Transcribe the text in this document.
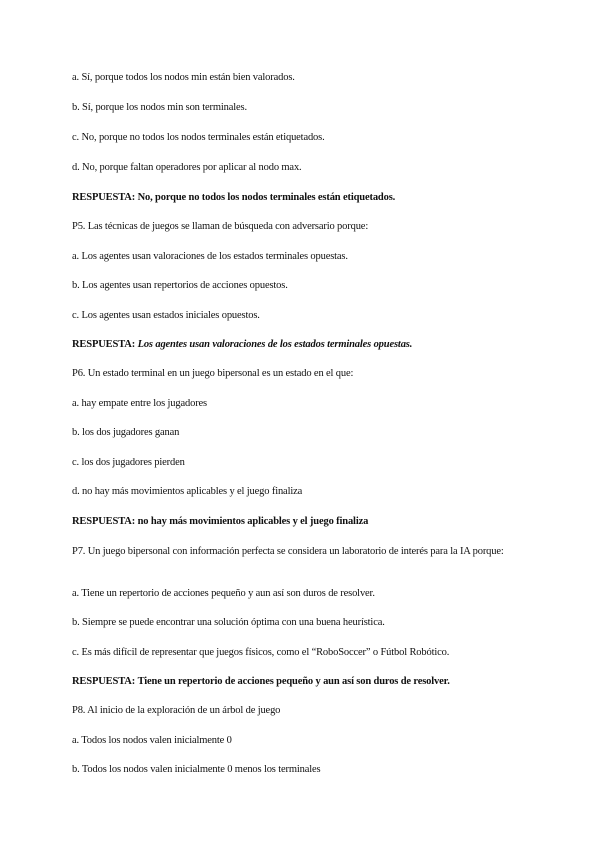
a. Sí, porque todos los nodos min están bien valorados.
b. Sí, porque los nodos min son terminales.
c. No, porque no todos los nodos terminales están etiquetados.
d. No, porque faltan operadores por aplicar al nodo max.
RESPUESTA: No, porque no todos los nodos terminales están etiquetados.
P5. Las técnicas de juegos se llaman de búsqueda con adversario porque:
a. Los agentes usan valoraciones de los estados terminales opuestas.
b. Los agentes usan repertorios de acciones opuestos.
c. Los agentes usan estados iniciales opuestos.
RESPUESTA: Los agentes usan valoraciones de los estados terminales opuestas.
P6. Un estado terminal en un juego bipersonal es un estado en el que:
a. hay empate entre los jugadores
b. los dos jugadores ganan
c. los dos jugadores pierden
d. no hay más movimientos aplicables y el juego finaliza
RESPUESTA: no hay más movimientos aplicables y el juego finaliza
P7. Un juego bipersonal con información perfecta se considera un laboratorio de interés para la IA porque:
a. Tiene un repertorio de acciones pequeño y aun así son duros de resolver.
b. Siempre se puede encontrar una solución óptima con una buena heurística.
c. Es más difícil de representar que juegos físicos, como el “RoboSoccer” o Fútbol Robótico.
RESPUESTA: Tiene un repertorio de acciones pequeño y aun así son duros de resolver.
P8. Al inicio de la exploración de un árbol de juego
a. Todos los nodos valen inicialmente 0
b. Todos los nodos valen inicialmente 0 menos los terminales
